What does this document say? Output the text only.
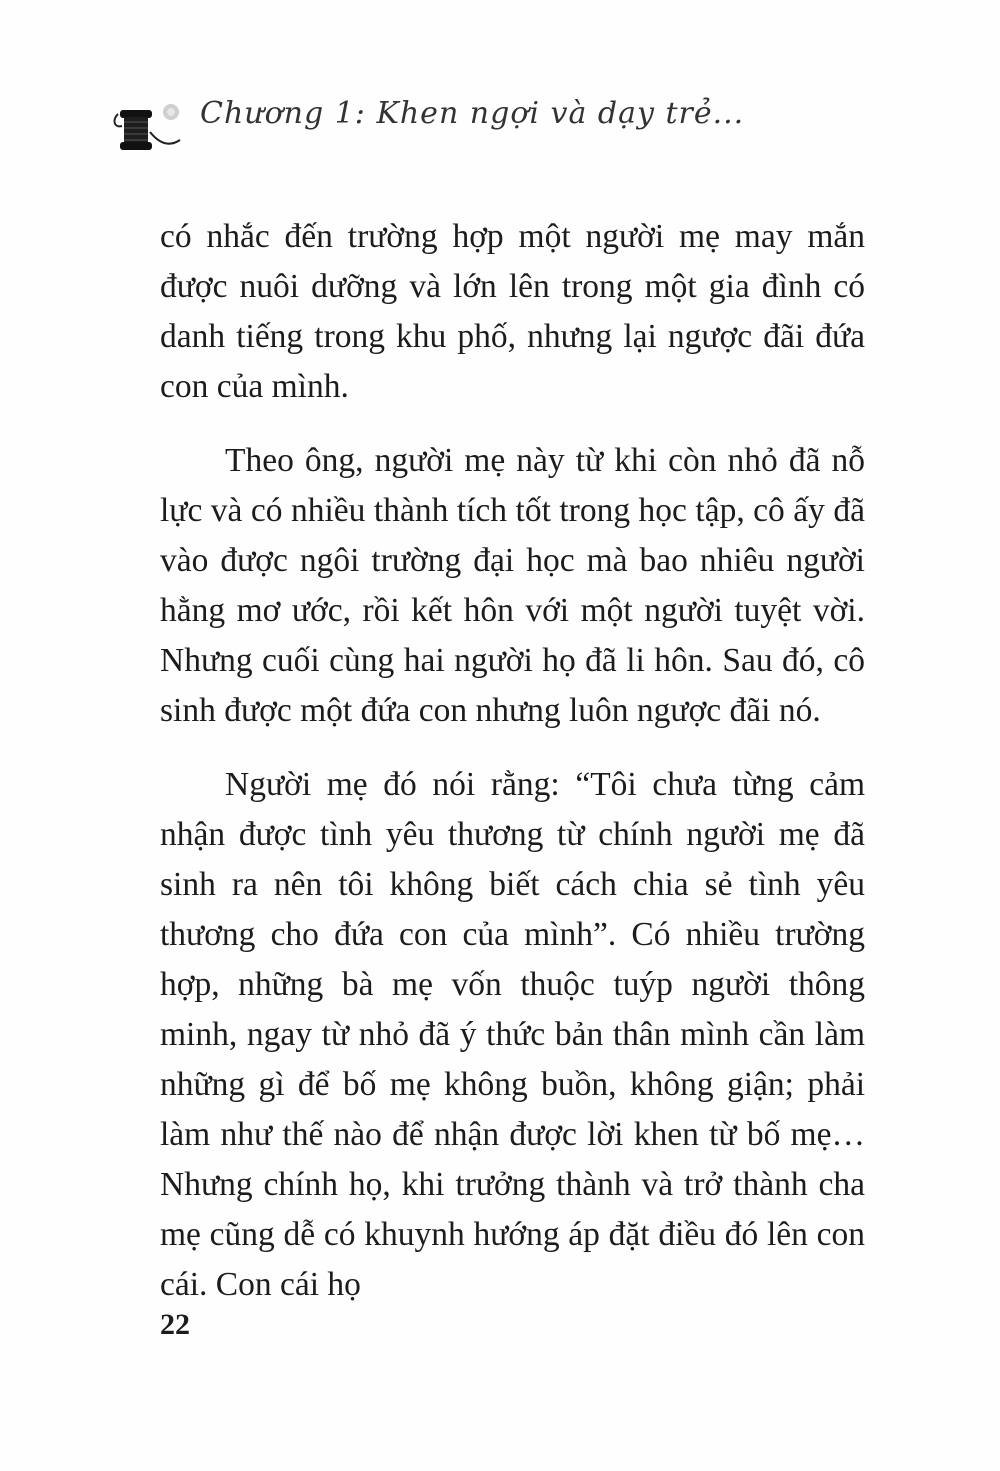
Chương 1: Khen ngợi và dạy trẻ...

có nhắc đến trường hợp một người mẹ may mắn được nuôi dưỡng và lớn lên trong một gia đình có danh tiếng trong khu phố, nhưng lại ngược đãi đứa con của mình.

Theo ông, người mẹ này từ khi còn nhỏ đã nỗ lực và có nhiều thành tích tốt trong học tập, cô ấy đã vào được ngôi trường đại học mà bao nhiêu người hằng mơ ước, rồi kết hôn với một người tuyệt vời. Nhưng cuối cùng hai người họ đã li hôn. Sau đó, cô sinh được một đứa con nhưng luôn ngược đãi nó.

Người mẹ đó nói rằng: “Tôi chưa từng cảm nhận được tình yêu thương từ chính người mẹ đã sinh ra nên tôi không biết cách chia sẻ tình yêu thương cho đứa con của mình”. Có nhiều trường hợp, những bà mẹ vốn thuộc tuýp người thông minh, ngay từ nhỏ đã ý thức bản thân mình cần làm những gì để bố mẹ không buồn, không giận; phải làm như thế nào để nhận được lời khen từ bố mẹ… Nhưng chính họ, khi trưởng thành và trở thành cha mẹ cũng dễ có khuynh hướng áp đặt điều đó lên con cái. Con cái họ

22
